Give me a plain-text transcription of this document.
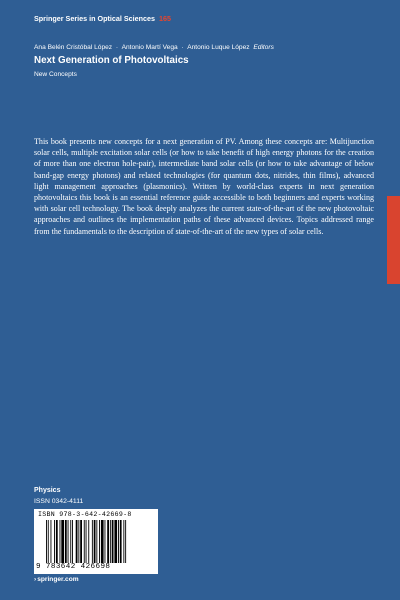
Springer Series in Optical Sciences 165
Ana Belén Cristóbal López · Antonio Martí Vega · Antonio Luque López Editors
Next Generation of Photovoltaics
New Concepts

This book presents new concepts for a next generation of PV. Among these concepts are: Multijunction solar cells, multiple excitation solar cells (or how to take benefit of high energy photons for the creation of more than one electron hole-pair), intermediate band solar cells (or how to take advantage of below band-gap energy photons) and related technologies (for quantum dots, nitrides, thin films), advanced light management approaches (plasmonics). Written by world-class experts in next generation photovoltaics this book is an essential reference guide accessible to both beginners and experts working with solar cell technology. The book deeply analyzes the current state-of-the-art of the new photovoltaic approaches and outlines the implementation paths of these advanced devices. Topics addressed range from the fundamentals to the description of state-of-the-art of the new types of solar cells.

Physics
ISSN 0342-4111
ISBN 978-3-642-42669-8
9 783642 426698
›springer.com
